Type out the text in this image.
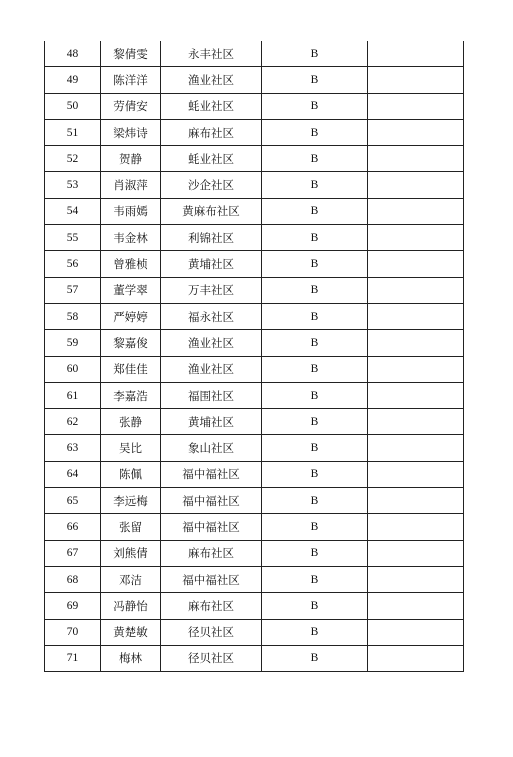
48	黎倩雯	永丰社区	B	
49	陈洋洋	渔业社区	B	
50	劳倩安	蚝业社区	B	
51	梁炜诗	麻布社区	B	
52	贺静	蚝业社区	B	
53	肖淑萍	沙企社区	B	
54	韦雨嫣	黄麻布社区	B	
55	韦金林	利锦社区	B	
56	曾雅桢	黄埔社区	B	
57	董学翠	万丰社区	B	
58	严婷婷	福永社区	B	
59	黎嘉俊	渔业社区	B	
60	郑佳佳	渔业社区	B	
61	李嘉浩	福围社区	B	
62	张静	黄埔社区	B	
63	吴比	象山社区	B	
64	陈佩	福中福社区	B	
65	李远梅	福中福社区	B	
66	张留	福中福社区	B	
67	刘熊倩	麻布社区	B	
68	邓洁	福中福社区	B	
69	冯静怡	麻布社区	B	
70	黄楚敏	径贝社区	B	
71	梅林	径贝社区	B	
